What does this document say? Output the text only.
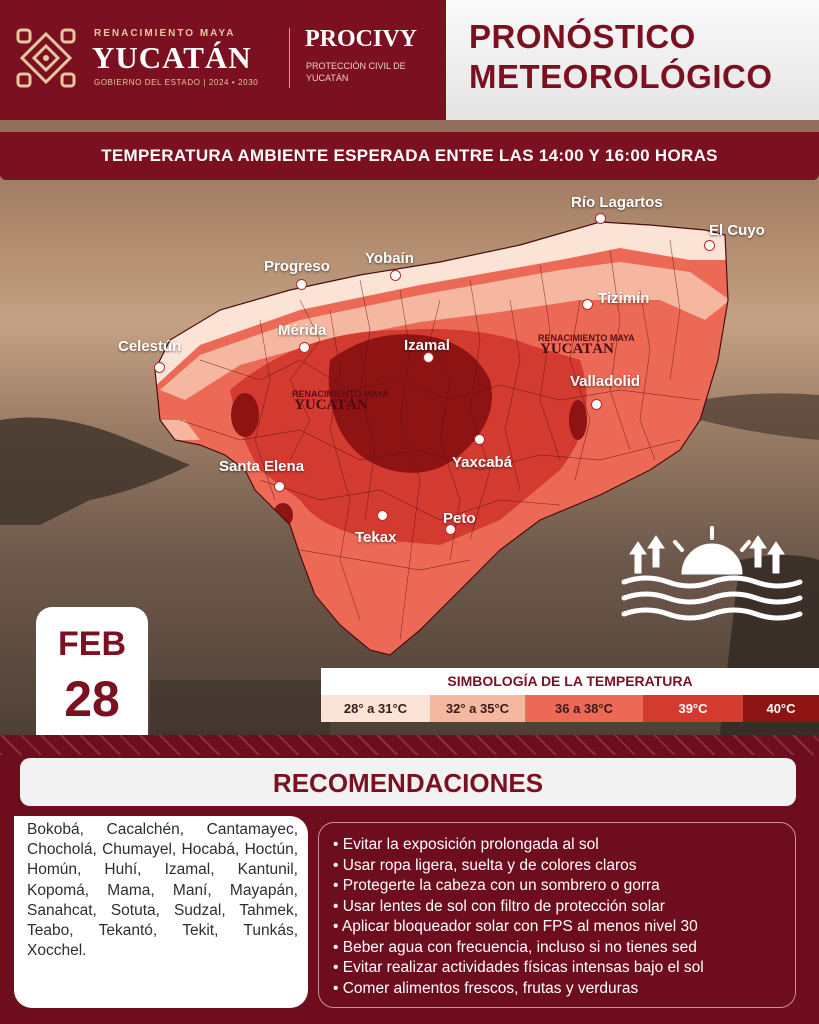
RENACIMIENTO MAYA
YUCATÁN
GOBIERNO DEL ESTADO | 2024 • 2030
PROCIVY
PROTECCIÓN CIVIL DE YUCATÁN
PRONÓSTICO
METEOROLÓGICO
TEMPERATURA AMBIENTE ESPERADA ENTRE LAS 14:00 Y 16:00 HORAS
RENACIMIENTO MAYA
YUCATÁN
RENACIMIENTO MAYA
YUCATÁN
Río Lagartos
El Cuyo
Progreso Yobaín
Tizimín
Mérida
Izamal
Celestún
Valladolid
Santa Elena	Yaxcabá
Peto
Tekax
FEB
28	SIMBOLOGÍA DE LA TEMPERATURA
28° a 31°C	32° a 35°C	36 a 38°C	39°C	40°C
RECOMENDACIONES
Bokobá, Cacalchén, Cantamayec, Chocholá, Chumayel, Hocabá, Hoctún, Homún, Huhí, Izamal, Kantunil, Kopomá, Mama, Maní, Mayapán, Sanahcat, Sotuta, Sudzal, Tahmek, Teabo, Tekantó, Tekit, Tunkás, Xocchel.
• Evitar la exposición prolongada al sol
• Usar ropa ligera, suelta y de colores claros
• Protegerte la cabeza con un sombrero o gorra
• Usar lentes de sol con filtro de protección solar
• Aplicar bloqueador solar con FPS al menos nivel 30
• Beber agua con frecuencia, incluso si no tienes sed
• Evitar realizar actividades físicas intensas bajo el sol
• Comer alimentos frescos, frutas y verduras
